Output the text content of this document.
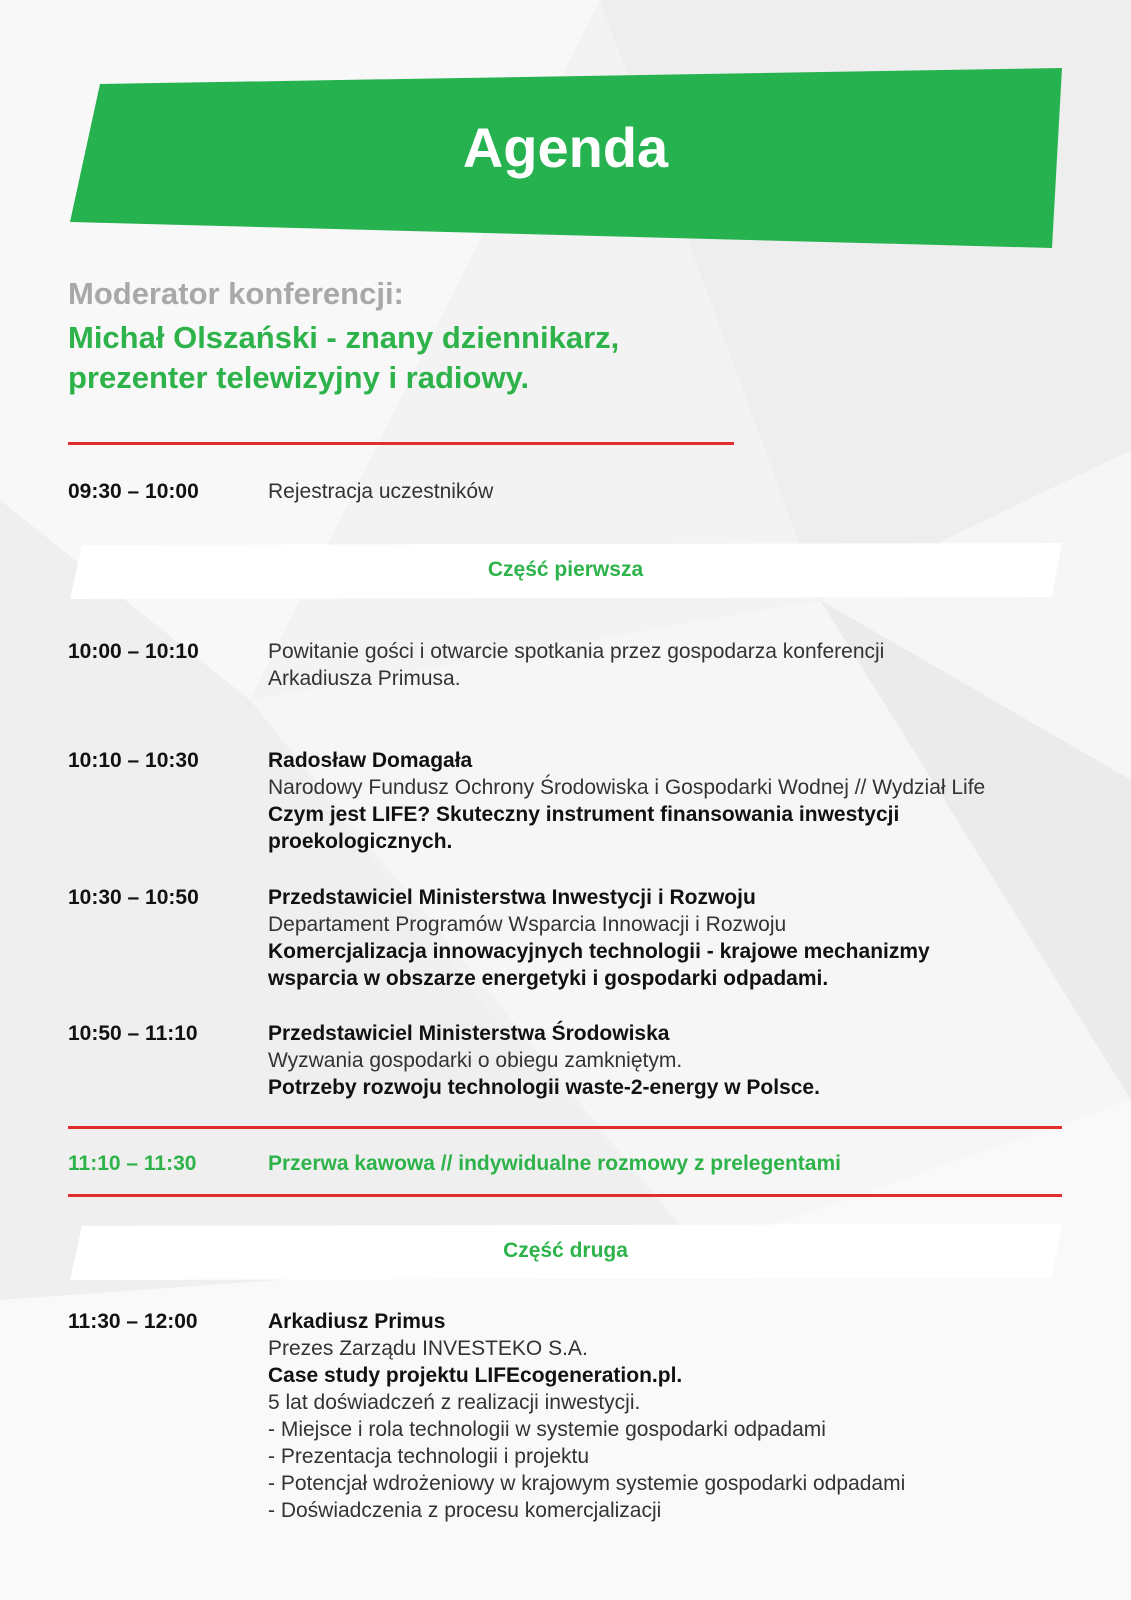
Agenda
Moderator konferencji:
Michał Olszański - znany dziennikarz,
prezenter telewizyjny i radiowy.
09:30 – 10:00	Rejestracja uczestników
Część pierwsza
10:00 – 10:10	Powitanie gości i otwarcie spotkania przez gospodarza konferencji
Arkadiusza Primusa.
10:10 – 10:30	Radosław Domagała
Narodowy Fundusz Ochrony Środowiska i Gospodarki Wodnej // Wydział Life
Czym jest LIFE? Skuteczny instrument finansowania inwestycji
proekologicznych.
10:30 – 10:50	Przedstawiciel Ministerstwa Inwestycji i Rozwoju
Departament Programów Wsparcia Innowacji i Rozwoju
Komercjalizacja innowacyjnych technologii - krajowe mechanizmy
wsparcia w obszarze energetyki i gospodarki odpadami.
10:50 – 11:10	Przedstawiciel Ministerstwa Środowiska
Wyzwania gospodarki o obiegu zamkniętym.
Potrzeby rozwoju technologii waste-2-energy w Polsce.
11:10 – 11:30	Przerwa kawowa // indywidualne rozmowy z prelegentami
Część druga
11:30 – 12:00	Arkadiusz Primus
Prezes Zarządu INVESTEKO S.A.
Case study projektu LIFEcogeneration.pl.
5 lat doświadczeń z realizacji inwestycji.
- Miejsce i rola technologii w systemie gospodarki odpadami
- Prezentacja technologii i projektu
- Potencjał wdrożeniowy w krajowym systemie gospodarki odpadami
- Doświadczenia z procesu komercjalizacji
